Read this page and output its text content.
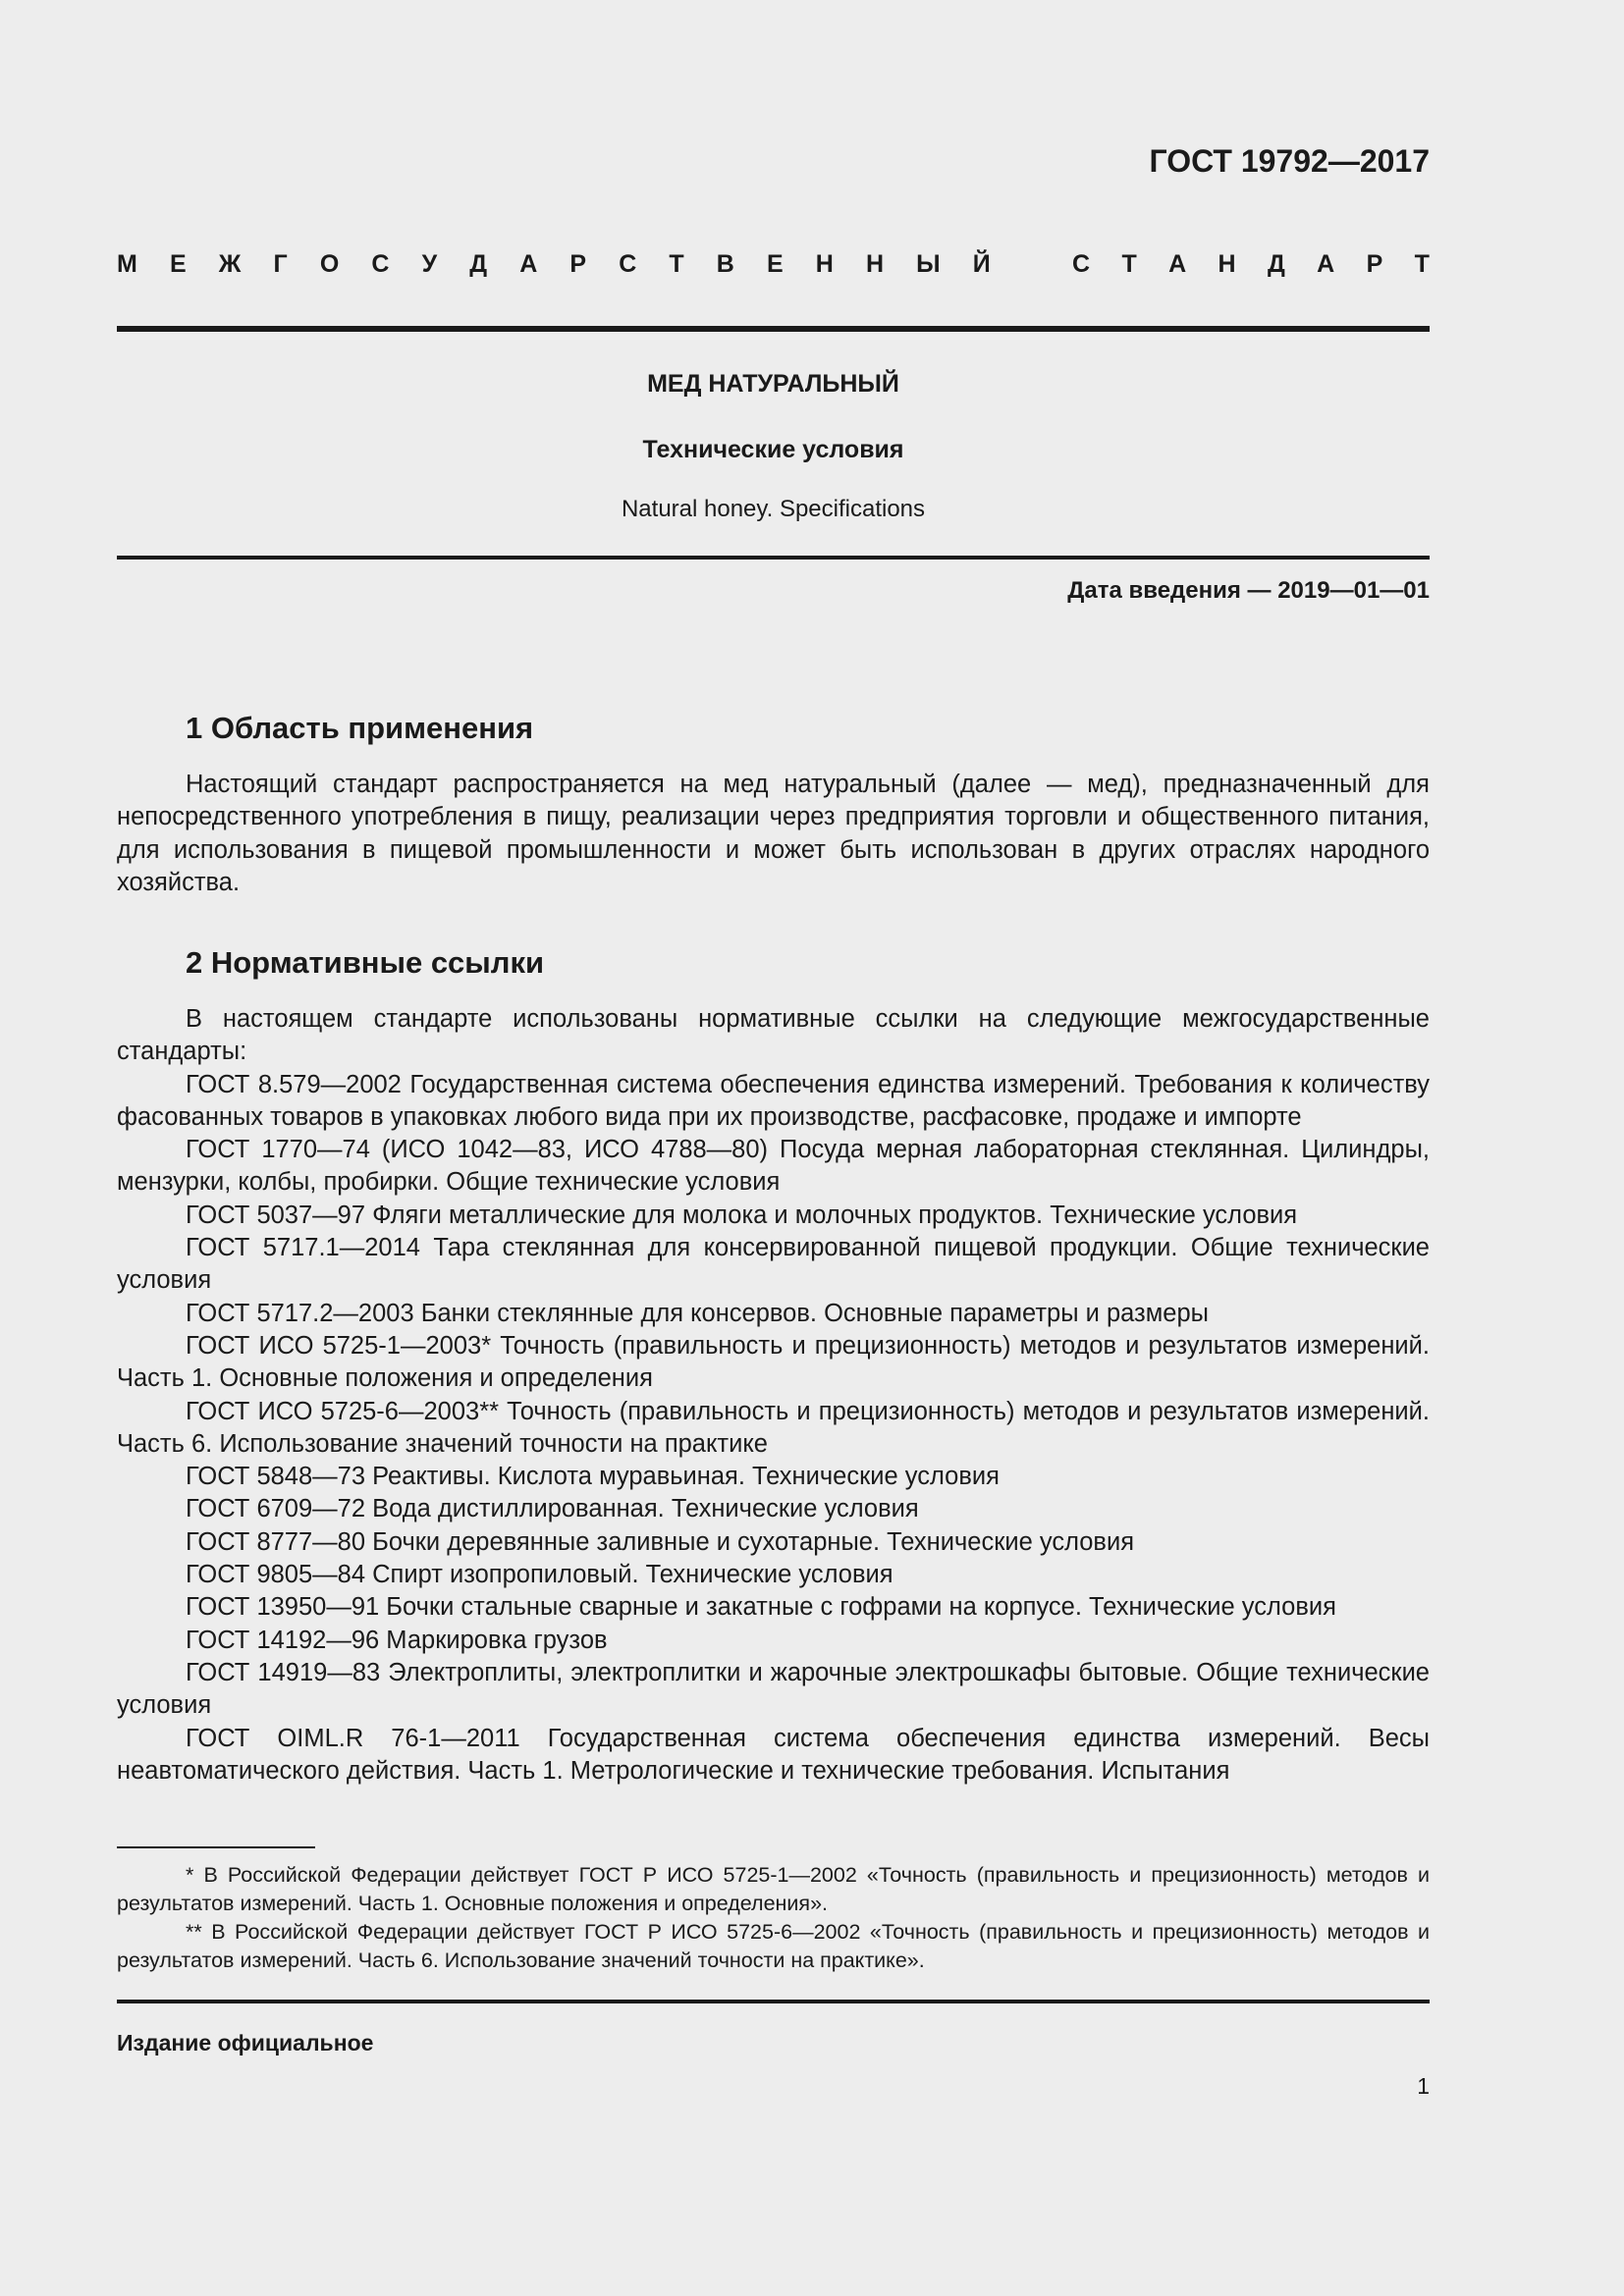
ГОСТ 19792—2017
М Е Ж Г О С У Д А Р С Т В Е Н Н Ы Й	С Т А Н Д А Р Т
МЕД НАТУРАЛЬНЫЙ
Технические условия
Natural honey. Specifications
Дата введения — 2019—01—01
1 Область применения

Настоящий стандарт распространяется на мед натуральный (далее — мед), предназначенный для непосредственного употребления в пищу, реализации через предприятия торговли и общественного питания, для использования в пищевой промышленности и может быть использован в других отраслях народного хозяйства.

2 Нормативные ссылки

В настоящем стандарте использованы нормативные ссылки на следующие межгосударственные стандарты:

ГОСТ 8.579—2002 Государственная система обеспечения единства измерений. Требования к количеству фасованных товаров в упаковках любого вида при их производстве, расфасовке, продаже и импорте

ГОСТ 1770—74 (ИСО 1042—83, ИСО 4788—80) Посуда мерная лабораторная стеклянная. Цилиндры, мензурки, колбы, пробирки. Общие технические условия

ГОСТ 5037—97 Фляги металлические для молока и молочных продуктов. Технические условия

ГОСТ 5717.1—2014 Тара стеклянная для консервированной пищевой продукции. Общие технические условия

ГОСТ 5717.2—2003 Банки стеклянные для консервов. Основные параметры и размеры

ГОСТ ИСО 5725-1—2003* Точность (правильность и прецизионность) методов и результатов измерений. Часть 1. Основные положения и определения

ГОСТ ИСО 5725-6—2003** Точность (правильность и прецизионность) методов и результатов измерений. Часть 6. Использование значений точности на практике

ГОСТ 5848—73 Реактивы. Кислота муравьиная. Технические условия

ГОСТ 6709—72 Вода дистиллированная. Технические условия

ГОСТ 8777—80 Бочки деревянные заливные и сухотарные. Технические условия

ГОСТ 9805—84 Спирт изопропиловый. Технические условия

ГОСТ 13950—91 Бочки стальные сварные и закатные с гофрами на корпусе. Технические условия

ГОСТ 14192—96 Маркировка грузов

ГОСТ 14919—83 Электроплиты, электроплитки и жарочные электрошкафы бытовые. Общие технические условия

ГОСТ OIML.R 76-1—2011 Государственная система обеспечения единства измерений. Весы неавтоматического действия. Часть 1. Метрологические и технические требования. Испытания

* В Российской Федерации действует ГОСТ Р ИСО 5725-1—2002 «Точность (правильность и прецизионность) методов и результатов измерений. Часть 1. Основные положения и определения».

** В Российской Федерации действует ГОСТ Р ИСО 5725-6—2002 «Точность (правильность и прецизионность) методов и результатов измерений. Часть 6. Использование значений точности на практике».

Издание официальное
1
